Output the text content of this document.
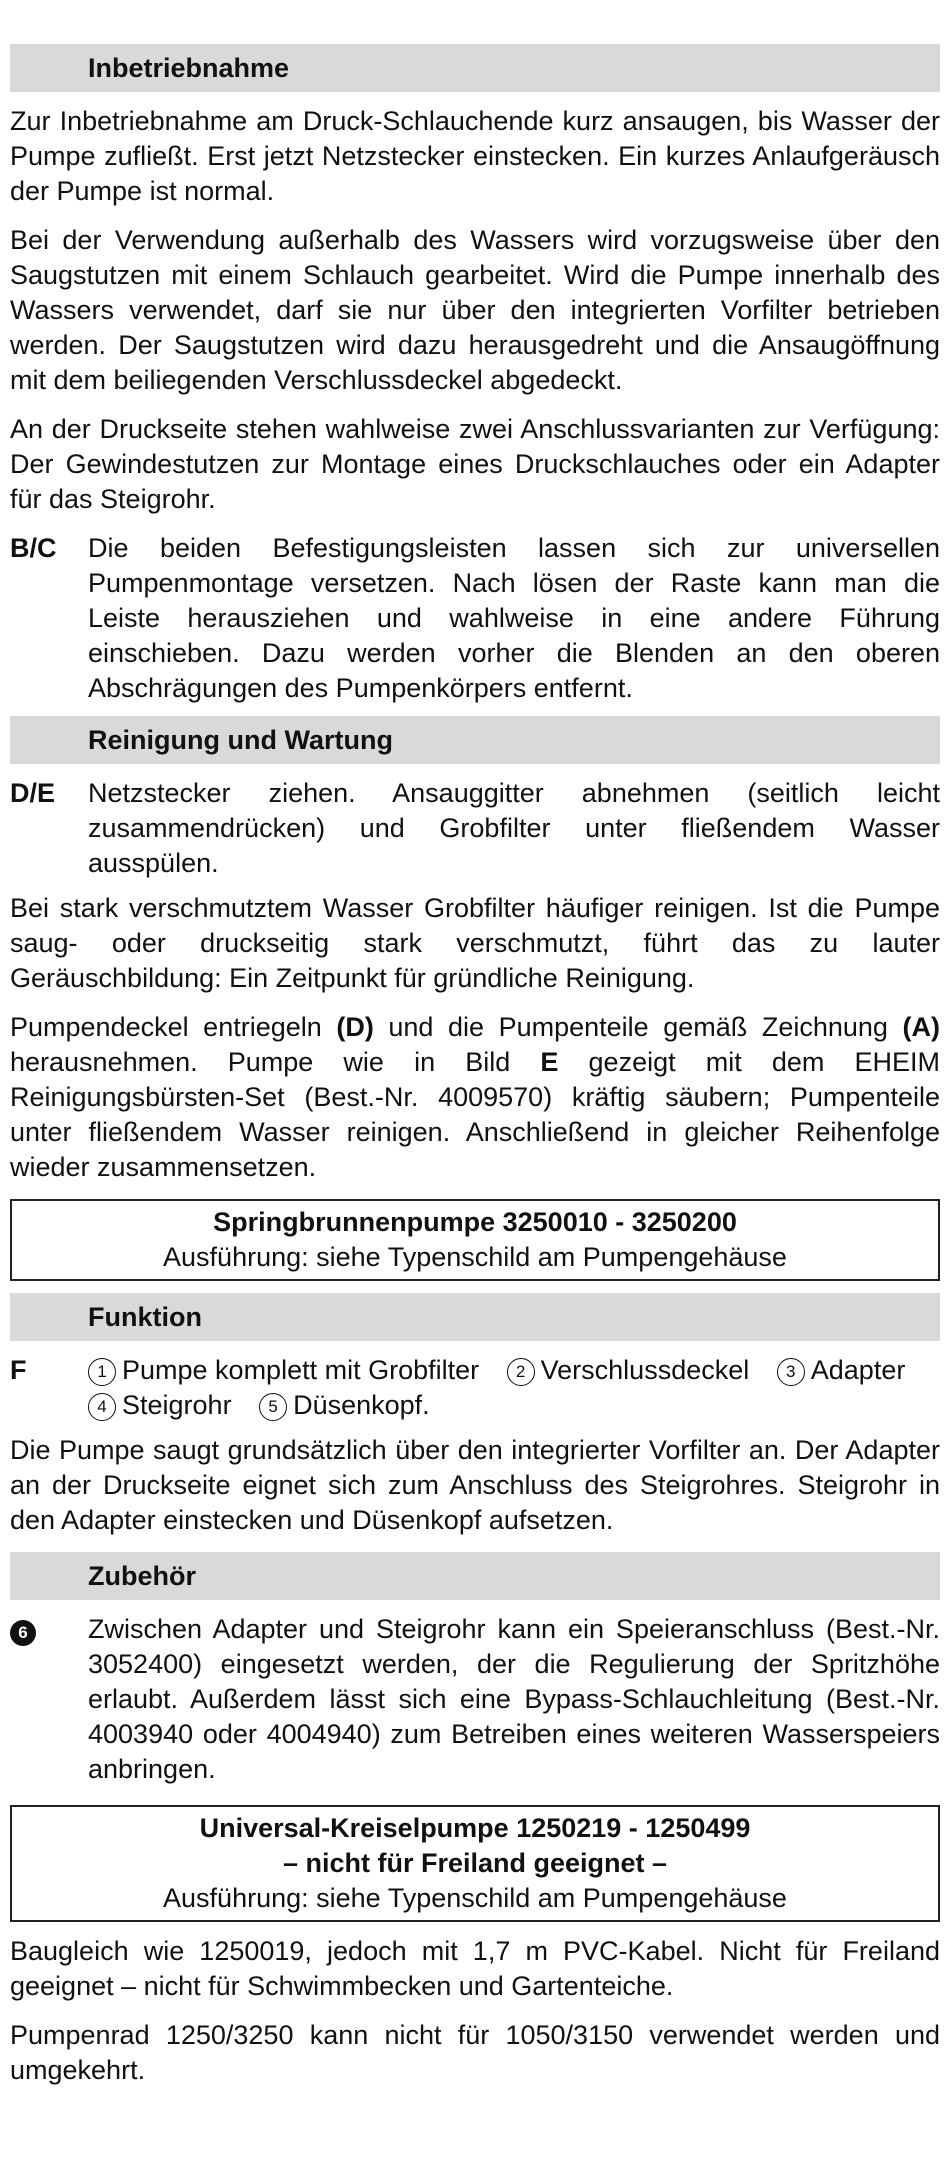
Inbetriebnahme

Zur Inbetriebnahme am Druck-Schlauchende kurz ansaugen, bis Wasser der Pumpe zufließt. Erst jetzt Netzstecker einstecken. Ein kurzes Anlaufgeräusch der Pumpe ist normal.

Bei der Verwendung außerhalb des Wassers wird vorzugsweise über den Saugstutzen mit einem Schlauch gearbeitet. Wird die Pumpe innerhalb des Wassers verwendet, darf sie nur über den integrierten Vorfilter betrieben werden. Der Saugstutzen wird dazu herausgedreht und die Ansaugöffnung mit dem beiliegenden Verschlussdeckel abgedeckt.

An der Druckseite stehen wahlweise zwei Anschlussvarianten zur Verfügung: Der Gewindestutzen zur Montage eines Druckschlauches oder ein Adapter für das Steigrohr.

B/C	Die beiden Befestigungsleisten lassen sich zur universellen Pumpenmontage versetzen. Nach lösen der Raste kann man die Leiste herausziehen und wahlweise in eine andere Führung einschieben. Dazu werden vorher die Blenden an den oberen Abschrägungen des Pumpenkörpers entfernt.
Reinigung und Wartung
D/E	Netzstecker ziehen. Ansauggitter abnehmen (seitlich leicht zusammendrücken) und Grobfilter unter fließendem Wasser ausspülen.

Bei stark verschmutztem Wasser Grobfilter häufiger reinigen. Ist die Pumpe saug- oder druckseitig stark verschmutzt, führt das zu lauter Geräuschbildung: Ein Zeitpunkt für gründliche Reinigung.

Pumpendeckel entriegeln (D) und die Pumpenteile gemäß Zeichnung (A) herausnehmen. Pumpe wie in Bild E gezeigt mit dem EHEIM Reinigungsbürsten-Set (Best.-Nr. 4009570) kräftig säubern; Pumpenteile unter fließendem Wasser reinigen. Anschließend in gleicher Reihenfolge wieder zusammensetzen.

Springbrunnenpumpe 3250010 - 3250200
Ausführung: siehe Typenschild am Pumpengehäuse
Funktion
F	1 Pumpe komplett mit Grobfilter 2 Verschlussdeckel 3 Adapter
4 Steigrohr 5 Düsenkopf.

Die Pumpe saugt grundsätzlich über den integrierter Vorfilter an. Der Adapter an der Druckseite eignet sich zum Anschluss des Steigrohres. Steigrohr in den Adapter einstecken und Düsenkopf aufsetzen.

Zubehör
6	Zwischen Adapter und Steigrohr kann ein Speieranschluss (Best.-Nr. 3052400) eingesetzt werden, der die Regulierung der Spritzhöhe erlaubt. Außerdem lässt sich eine Bypass-Schlauchleitung (Best.-Nr. 4003940 oder 4004940) zum Betreiben eines weiteren Wasserspeiers anbringen.
Universal-Kreiselpumpe 1250219 - 1250499
– nicht für Freiland geeignet –
Ausführung: siehe Typenschild am Pumpengehäuse

Baugleich wie 1250019, jedoch mit 1,7 m PVC-Kabel. Nicht für Freiland geeignet – nicht für Schwimmbecken und Gartenteiche.

Pumpenrad 1250/3250 kann nicht für 1050/3150 verwendet werden und umgekehrt.
